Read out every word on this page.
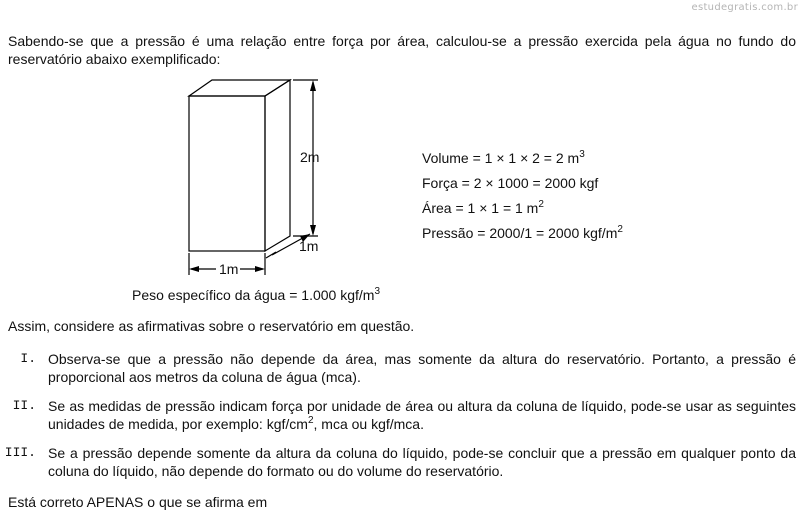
estudegratis.com.br
Sabendo-se que a pressão é uma relação entre força por área, calculou-se a pressão exercida pela água no fundo do
reservatório abaixo exemplificado:
2m
1m
1m
Volume = 1 × 1 × 2 = 2 $m^3$
Força = 2 × 1000 = 2000 kgf
Área = 1 × 1 = 1 $m^2$
Pressão = 2000/1 = 2000 kgf/$m^2$
Peso específico da água = 1.000 kgf/$m^3$
Assim, considere as afirmativas sobre o reservatório em questão.
I. Observa-se que a pressão não depende da área, mas somente da altura do reservatório. Portanto, a pressão é proporcional aos metros da coluna de água (mca).
II. Se as medidas de pressão indicam força por unidade de área ou altura da coluna de líquido, pode-se usar as seguintes unidades de medida, por exemplo: kgf/$cm^2$, mca ou kgf/mca.
III. Se a pressão depende somente da altura da coluna do líquido, pode-se concluir que a pressão em qualquer ponto da coluna do líquido, não depende do formato ou do volume do reservatório.
Está correto APENAS o que se afirma em
